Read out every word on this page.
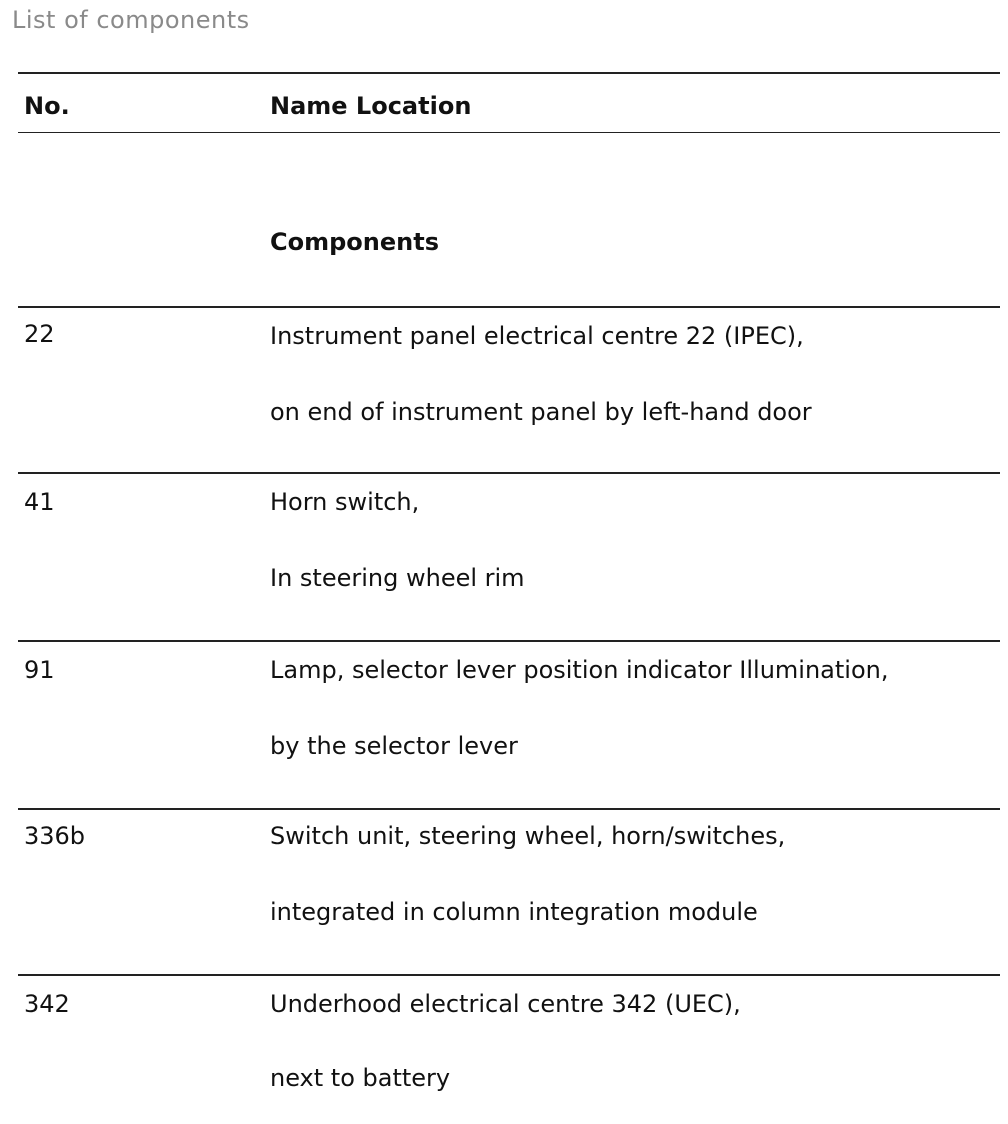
List of components
No.	Name Location
Components
22	Instrument panel electrical centre 22 (IPEC),
on end of instrument panel by left-hand door
41	Horn switch,
In steering wheel rim
91	Lamp, selector lever position indicator Illumination,
by the selector lever
336b	Switch unit, steering wheel, horn/switches,
integrated in column integration module
342	Underhood electrical centre 342 (UEC),
next to battery
